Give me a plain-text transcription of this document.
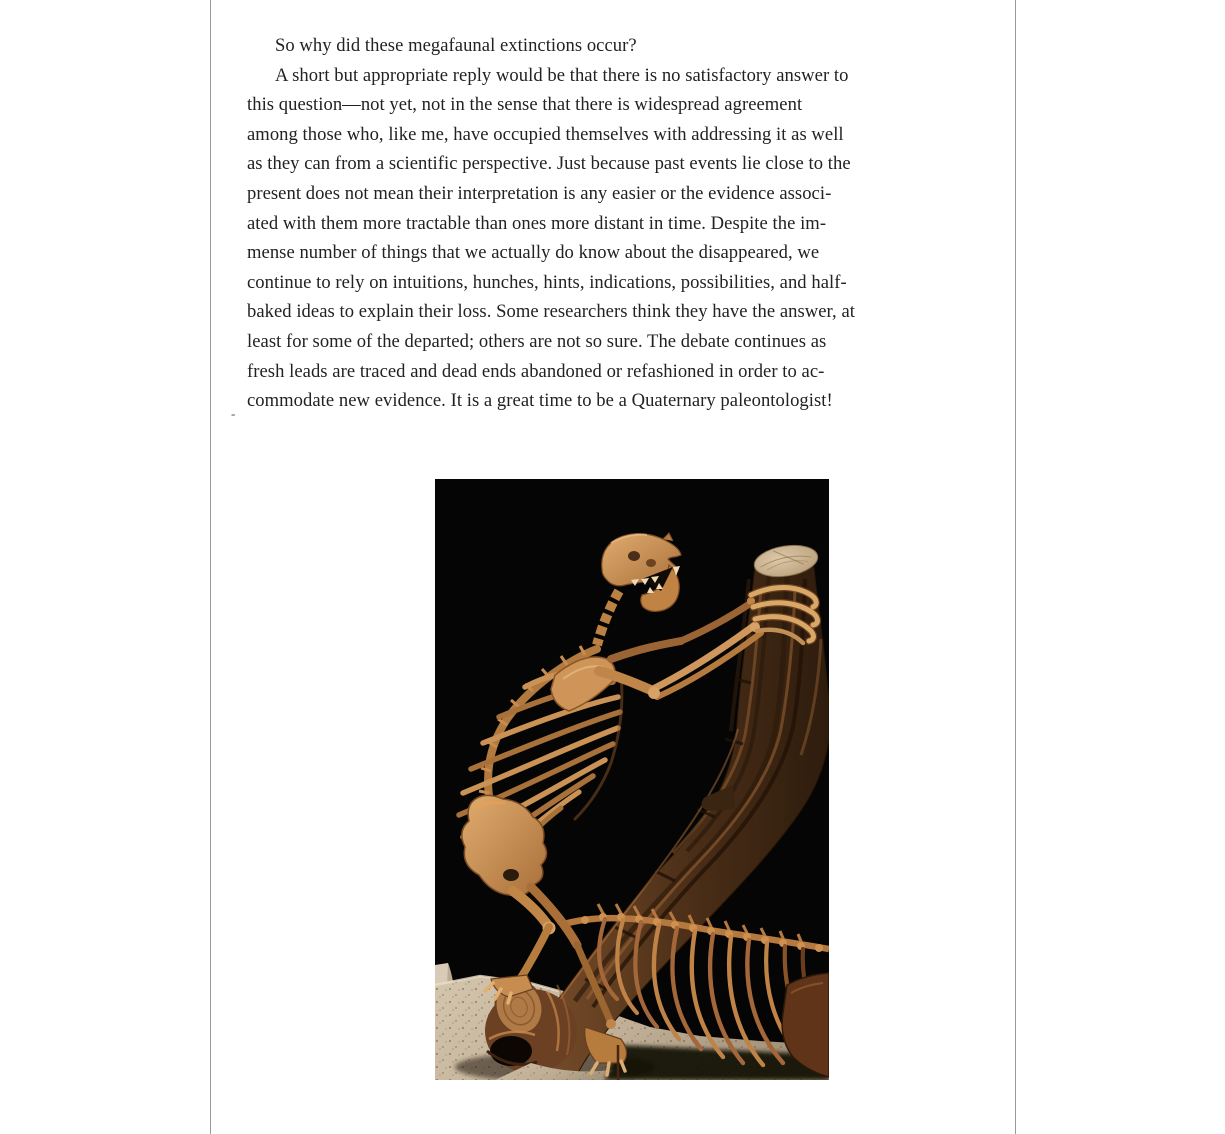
So why did these megafaunal extinctions occur?
A short but appropriate reply would be that there is no satisfactory answer to
this question—not yet, not in the sense that there is widespread agreement
among those who, like me, have occupied themselves with addressing it as well
as they can from a scientific perspective. Just because past events lie close to the
present does not mean their interpretation is any easier or the evidence associ-
ated with them more tractable than ones more distant in time. Despite the im-
mense number of things that we actually do know about the disappeared, we
continue to rely on intuitions, hunches, hints, indications, possibilities, and half-
baked ideas to explain their loss. Some researchers think they have the answer, at
least for some of the departed; others are not so sure. The debate continues as
fresh leads are traced and dead ends abandoned or refashioned in order to ac-
commodate new evidence. It is a great time to be a Quaternary paleontologist!
-
